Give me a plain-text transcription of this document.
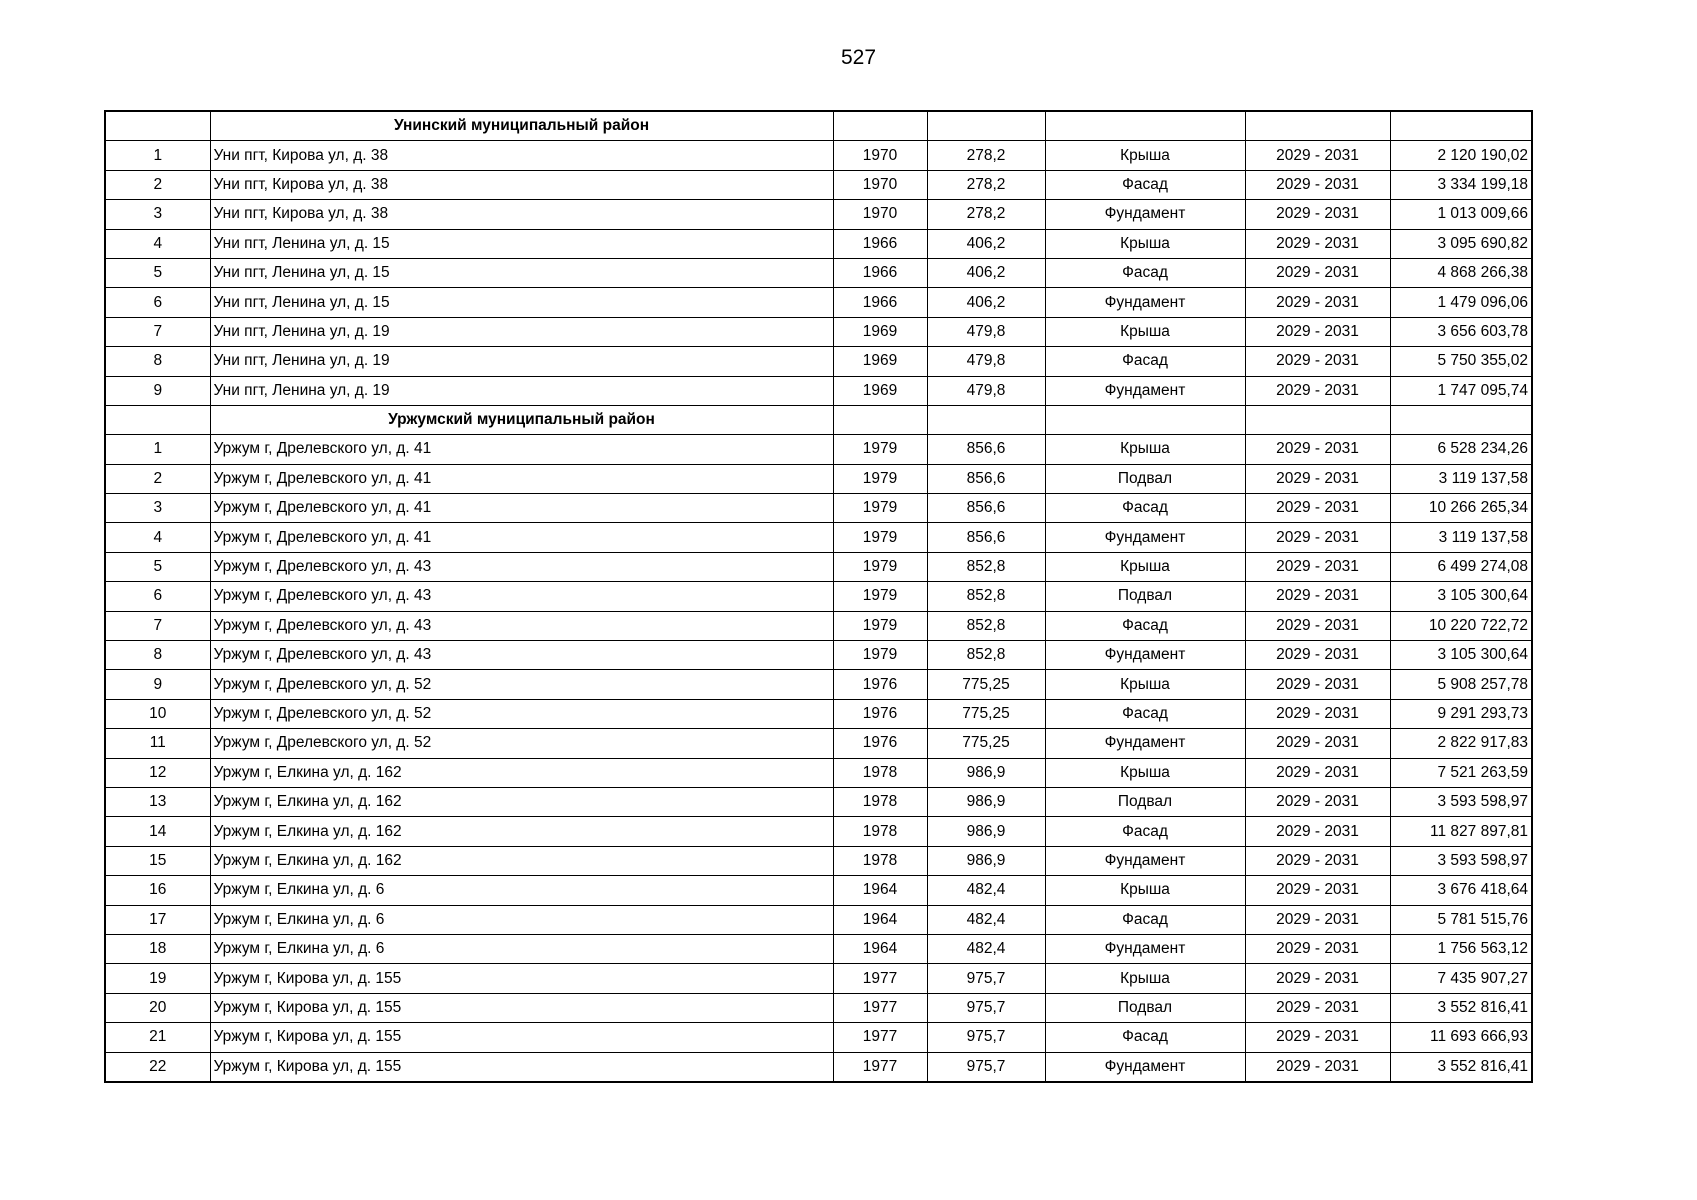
527
	Унинский муниципальный район					
1	Уни пгт, Кирова ул, д. 38	1970	278,2	Крыша	2029 - 2031	2 120 190,02
2	Уни пгт, Кирова ул, д. 38	1970	278,2	Фасад	2029 - 2031	3 334 199,18
3	Уни пгт, Кирова ул, д. 38	1970	278,2	Фундамент	2029 - 2031	1 013 009,66
4	Уни пгт, Ленина ул, д. 15	1966	406,2	Крыша	2029 - 2031	3 095 690,82
5	Уни пгт, Ленина ул, д. 15	1966	406,2	Фасад	2029 - 2031	4 868 266,38
6	Уни пгт, Ленина ул, д. 15	1966	406,2	Фундамент	2029 - 2031	1 479 096,06
7	Уни пгт, Ленина ул, д. 19	1969	479,8	Крыша	2029 - 2031	3 656 603,78
8	Уни пгт, Ленина ул, д. 19	1969	479,8	Фасад	2029 - 2031	5 750 355,02
9	Уни пгт, Ленина ул, д. 19	1969	479,8	Фундамент	2029 - 2031	1 747 095,74
	Уржумский муниципальный район					
1	Уржум г, Дрелевского ул, д. 41	1979	856,6	Крыша	2029 - 2031	6 528 234,26
2	Уржум г, Дрелевского ул, д. 41	1979	856,6	Подвал	2029 - 2031	3 119 137,58
3	Уржум г, Дрелевского ул, д. 41	1979	856,6	Фасад	2029 - 2031	10 266 265,34
4	Уржум г, Дрелевского ул, д. 41	1979	856,6	Фундамент	2029 - 2031	3 119 137,58
5	Уржум г, Дрелевского ул, д. 43	1979	852,8	Крыша	2029 - 2031	6 499 274,08
6	Уржум г, Дрелевского ул, д. 43	1979	852,8	Подвал	2029 - 2031	3 105 300,64
7	Уржум г, Дрелевского ул, д. 43	1979	852,8	Фасад	2029 - 2031	10 220 722,72
8	Уржум г, Дрелевского ул, д. 43	1979	852,8	Фундамент	2029 - 2031	3 105 300,64
9	Уржум г, Дрелевского ул, д. 52	1976	775,25	Крыша	2029 - 2031	5 908 257,78
10	Уржум г, Дрелевского ул, д. 52	1976	775,25	Фасад	2029 - 2031	9 291 293,73
11	Уржум г, Дрелевского ул, д. 52	1976	775,25	Фундамент	2029 - 2031	2 822 917,83
12	Уржум г, Елкина ул, д. 162	1978	986,9	Крыша	2029 - 2031	7 521 263,59
13	Уржум г, Елкина ул, д. 162	1978	986,9	Подвал	2029 - 2031	3 593 598,97
14	Уржум г, Елкина ул, д. 162	1978	986,9	Фасад	2029 - 2031	11 827 897,81
15	Уржум г, Елкина ул, д. 162	1978	986,9	Фундамент	2029 - 2031	3 593 598,97
16	Уржум г, Елкина ул, д. 6	1964	482,4	Крыша	2029 - 2031	3 676 418,64
17	Уржум г, Елкина ул, д. 6	1964	482,4	Фасад	2029 - 2031	5 781 515,76
18	Уржум г, Елкина ул, д. 6	1964	482,4	Фундамент	2029 - 2031	1 756 563,12
19	Уржум г, Кирова ул, д. 155	1977	975,7	Крыша	2029 - 2031	7 435 907,27
20	Уржум г, Кирова ул, д. 155	1977	975,7	Подвал	2029 - 2031	3 552 816,41
21	Уржум г, Кирова ул, д. 155	1977	975,7	Фасад	2029 - 2031	11 693 666,93
22	Уржум г, Кирова ул, д. 155	1977	975,7	Фундамент	2029 - 2031	3 552 816,41
